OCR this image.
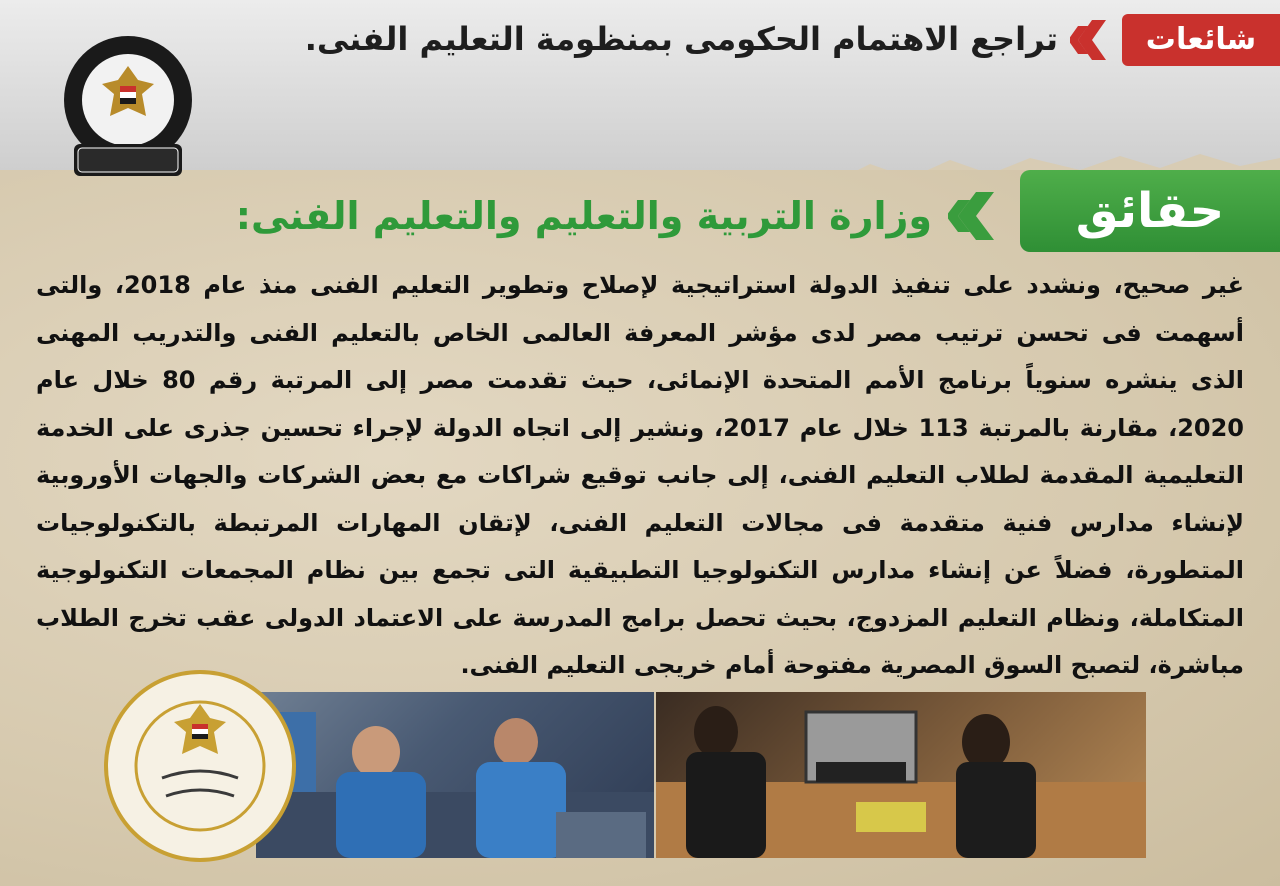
شائعات
تراجع الاهتمام الحكومى بمنظومة التعليم الفنى.
حقائق
وزارة التربية والتعليم والتعليم الفنى:
غير صحيح، ونشدد على تنفيذ الدولة استراتيجية لإصلاح وتطوير التعليم الفنى منذ عام 2018، والتى أسهمت فى تحسن ترتيب مصر لدى مؤشر المعرفة العالمى الخاص بالتعليم الفنى والتدريب المهنى الذى ينشره سنوياً برنامج الأمم المتحدة الإنمائى، حيث تقدمت مصر إلى المرتبة رقم 80 خلال عام 2020، مقارنة بالمرتبة 113 خلال عام 2017، ونشير إلى اتجاه الدولة لإجراء تحسين جذرى على الخدمة التعليمية المقدمة لطلاب التعليم الفنى، إلى جانب توقيع شراكات مع بعض الشركات والجهات الأوروبية لإنشاء مدارس فنية متقدمة فى مجالات التعليم الفنى، لإتقان المهارات المرتبطة بالتكنولوجيات المتطورة، فضلاً عن إنشاء مدارس التكنولوجيا التطبيقية التى تجمع بين نظام المجمعات التكنولوجية المتكاملة، ونظام التعليم المزدوج، بحيث تحصل برامج المدرسة على الاعتماد الدولى عقب تخرج الطلاب مباشرة، لتصبح السوق المصرية مفتوحة أمام خريجى التعليم الفنى.
